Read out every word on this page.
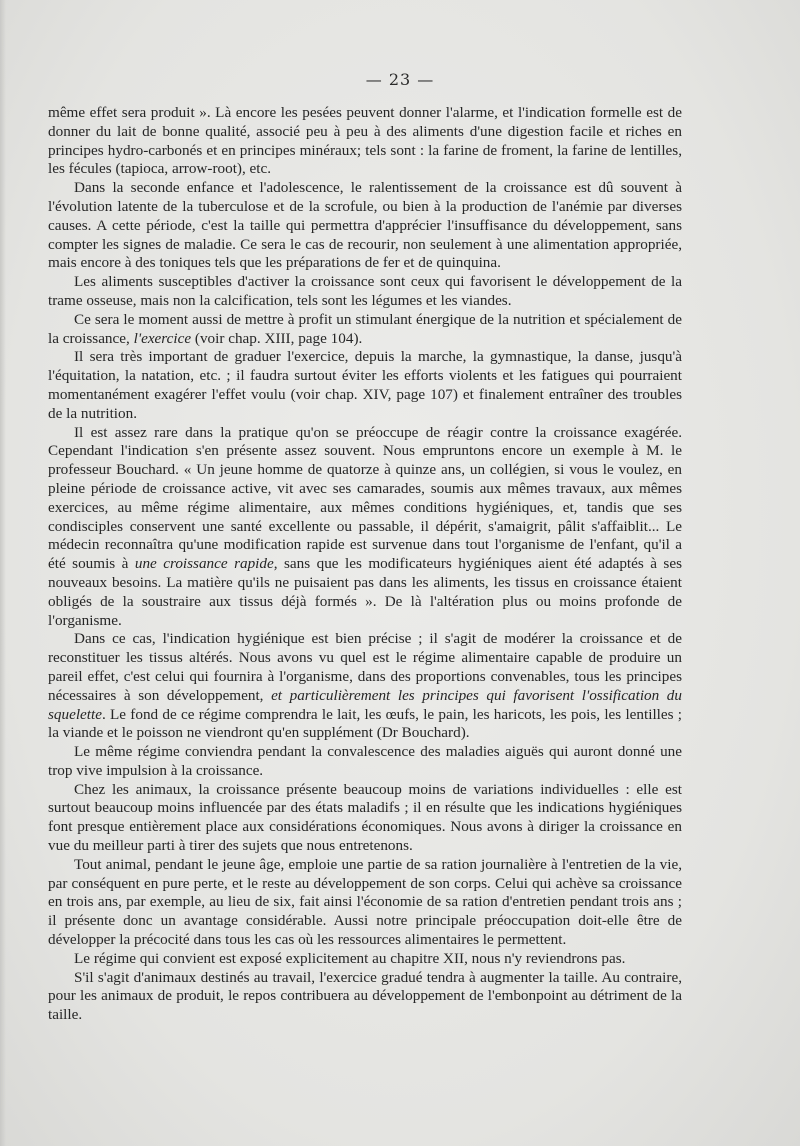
— 23 —

même effet sera produit ». Là encore les pesées peuvent donner l'alarme, et l'indication formelle est de donner du lait de bonne qualité, associé peu à peu à des aliments d'une digestion facile et riches en principes hydro-carbonés et en principes minéraux; tels sont : la farine de froment, la farine de lentilles, les fécules (tapioca, arrow-root), etc.

Dans la seconde enfance et l'adolescence, le ralentissement de la croissance est dû souvent à l'évolution latente de la tuberculose et de la scrofule, ou bien à la production de l'anémie par diverses causes. A cette période, c'est la taille qui permettra d'apprécier l'insuffisance du développement, sans compter les signes de maladie. Ce sera le cas de recourir, non seulement à une alimentation appropriée, mais encore à des toniques tels que les préparations de fer et de quinquina.

Les aliments susceptibles d'activer la croissance sont ceux qui favorisent le développement de la trame osseuse, mais non la calcification, tels sont les légumes et les viandes.

Ce sera le moment aussi de mettre à profit un stimulant énergique de la nutrition et spécialement de la croissance, l'exercice (voir chap. XIII, page 104).

Il sera très important de graduer l'exercice, depuis la marche, la gymnastique, la danse, jusqu'à l'équitation, la natation, etc. ; il faudra surtout éviter les efforts violents et les fatigues qui pourraient momentanément exagérer l'effet voulu (voir chap. XIV, page 107) et finalement entraîner des troubles de la nutrition.

Il est assez rare dans la pratique qu'on se préoccupe de réagir contre la croissance exagérée. Cependant l'indication s'en présente assez souvent. Nous empruntons encore un exemple à M. le professeur Bouchard. « Un jeune homme de quatorze à quinze ans, un collégien, si vous le voulez, en pleine période de croissance active, vit avec ses camarades, soumis aux mêmes travaux, aux mêmes exercices, au même régime alimentaire, aux mêmes conditions hygiéniques, et, tandis que ses condisciples conservent une santé excellente ou passable, il dépérit, s'amaigrit, pâlit s'affaiblit... Le médecin reconnaîtra qu'une modification rapide est survenue dans tout l'organisme de l'enfant, qu'il a été soumis à une croissance rapide, sans que les modificateurs hygiéniques aient été adaptés à ses nouveaux besoins. La matière qu'ils ne puisaient pas dans les aliments, les tissus en croissance étaient obligés de la soustraire aux tissus déjà formés ». De là l'altération plus ou moins profonde de l'organisme.

Dans ce cas, l'indication hygiénique est bien précise ; il s'agit de modérer la croissance et de reconstituer les tissus altérés. Nous avons vu quel est le régime alimentaire capable de produire un pareil effet, c'est celui qui fournira à l'organisme, dans des proportions convenables, tous les principes nécessaires à son développement, et particulièrement les principes qui favorisent l'ossification du squelette. Le fond de ce régime comprendra le lait, les œufs, le pain, les haricots, les pois, les lentilles ; la viande et le poisson ne viendront qu'en supplément (Dr Bouchard).

Le même régime conviendra pendant la convalescence des maladies aiguës qui auront donné une trop vive impulsion à la croissance.

Chez les animaux, la croissance présente beaucoup moins de variations individuelles : elle est surtout beaucoup moins influencée par des états maladifs ; il en résulte que les indications hygiéniques font presque entièrement place aux considérations économiques. Nous avons à diriger la croissance en vue du meilleur parti à tirer des sujets que nous entretenons.

Tout animal, pendant le jeune âge, emploie une partie de sa ration journalière à l'entretien de la vie, par conséquent en pure perte, et le reste au développement de son corps. Celui qui achève sa croissance en trois ans, par exemple, au lieu de six, fait ainsi l'économie de sa ration d'entretien pendant trois ans ; il présente donc un avantage considérable. Aussi notre principale préoccupation doit-elle être de développer la précocité dans tous les cas où les ressources alimentaires le permettent.

Le régime qui convient est exposé explicitement au chapitre XII, nous n'y reviendrons pas.

S'il s'agit d'animaux destinés au travail, l'exercice gradué tendra à augmenter la taille. Au contraire, pour les animaux de produit, le repos contribuera au développement de l'embonpoint au détriment de la taille.
